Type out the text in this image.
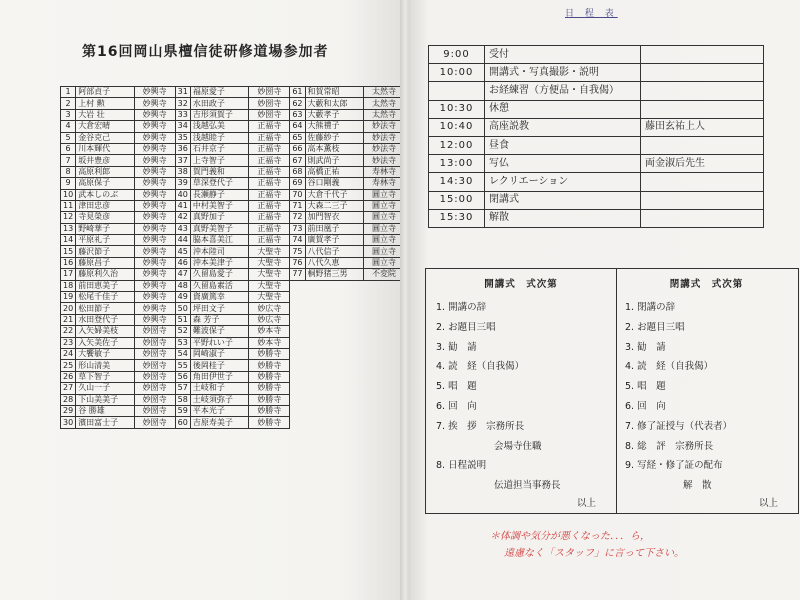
第16回岡山県檀信徒研修道場参加者
1	阿部貞子	妙興寺	31	福原愛子	妙圀寺	61	和賀常昭	太然寺
2	上村 勲	妙興寺	32	水田政子	妙圀寺	62	大藪和太郎	太然寺
3	大岩 壮	妙興寺	33	吉形須賀子	妙圀寺	63	大藪孝子	太然寺
4	大倉宏晴	妙興寺	34	浅越弘美	正福寺	64	大熊禮子	妙法寺
5	金谷克己	妙興寺	35	浅越睦子	正福寺	65	佐藤紗子	妙法寺
6	川本輝代	妙興寺	36	石井京子	正福寺	66	高本薫枝	妙法寺
7	坂井豊彦	妙興寺	37	上寺智子	正福寺	67	則武尚子	妙法寺
8	高原利郎	妙興寺	38	賀門義和	正福寺	68	高橋正祐	寿林寺
9	高原保子	妙興寺	39	草深登代子	正福寺	69	谷口剛義	寿林寺
10	武本しのぶ	妙興寺	40	長瀬静子	正福寺	70	大倉千代子	圓立寺
11	津田忠彦	妙興寺	41	中村美智子	正福寺	71	大森二三子	圓立寺
12	寺見榮彦	妙興寺	42	真野加子	正福寺	72	加門智衣	圓立寺
13	野崎華子	妙興寺	43	真野美智子	正福寺	73	前田凰子	圓立寺
14	平原礼子	妙興寺	44	脇本喜美江	正福寺	74	廣賀孝子	圓立寺
15	藤沢節子	妙興寺	45	沖本陸司	大聖寺	75	八代信子	圓立寺
16	藤原昌子	妙興寺	46	沖本美津子	大聖寺	76	八代久恵	圓立寺
17	藤原利久治	妙興寺	47	久留島愛子	大聖寺	77	桐野猪三男	不変院
18	前田恵美子	妙興寺	48	久留島素活	大聖寺			
19	松尾千佳子	妙興寺	49	資廣篤幸	大聖寺			
20	松田節子	妙興寺	50	坪田文子	妙広寺			
21	水田登代子	妙興寺	51	森 芳子	妙広寺			
22	入矢婦美枝	妙圀寺	52	難波保子	妙本寺			
23	入矢美佐子	妙圀寺	53	平野れい子	妙本寺			
24	大饗敏子	妙圀寺	54	岡崎淑子	妙勝寺			
25	形山清美	妙圀寺	55	後岡桂子	妙勝寺			
26	草下智子	妙圀寺	56	角田伊世子	妙勝寺			
27	久山一子	妙圀寺	57	土岐和子	妙勝寺			
28	下山美美子	妙圀寺	58	土岐須弥子	妙勝寺			
29	谷 勝雄	妙圀寺	59	平本光子	妙勝寺			
30	濱田富士子	妙圀寺	60	吉原寿美子	妙勝寺			
日 程 表
9:00	受付	
10:00	開講式・写真撮影・説明	
	お経練習（方便品・自我偈）	
10:30	休憩	
10:40	高座説教	藤田玄祐上人
12:00	昼食	
13:00	写仏	両金淑后先生
14:30	レクリエーション	
15:00	閉講式	
15:30	解散	
開講式　式次第
1. 開講の辞
2. お題目三唱
3. 勧　請
4. 読　経（自我偈）
5. 唱　題
6. 回　向
7. 挨　拶　宗務所長
会場寺住職
8. 日程説明
伝道担当事務長
以上
閉講式　式次第
1. 閉講の辞
2. お題目三唱
3. 勧　請
4. 読　経（自我偈）
5. 唱　題
6. 回　向
7. 修了証授与（代表者）
8. 総　評　宗務所長
9. 写経・修了証の配布
解　散
以上
＊体調や気分が悪くなった．．．ら，
遠慮なく「スタッフ」に言って下さい。
